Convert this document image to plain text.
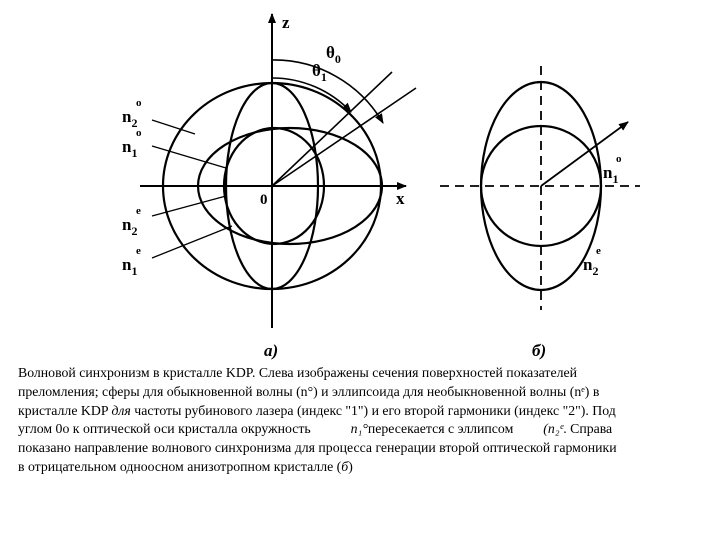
z
x
0
$\theta_0$
$\theta_1$
o
$n_2$
o
$n_1$
e
$n_2$
e
$n_1$
а)
o
$n_1$
e
$n_2$
б)
Волновой синхронизм в кристалле KDP. Слева изображены сечения поверхностей показателей
преломления; сферы для обыкновенной волны (n°) и эллипсоида для необыкновенной волны (nᵉ) в
кристалле KDP для частоты рубинового лазера (индекс "1") и его второй гармоники (индекс "2"). Под
углом 0о к оптической оси кристалла окружность	n₁°пересекается с эллипсом (n₂ᵉ. Справа
показано направление волнового синхронизма для процесса генерации второй оптической гармоники
в отрицательном одноосном анизотропном кристалле (б)
